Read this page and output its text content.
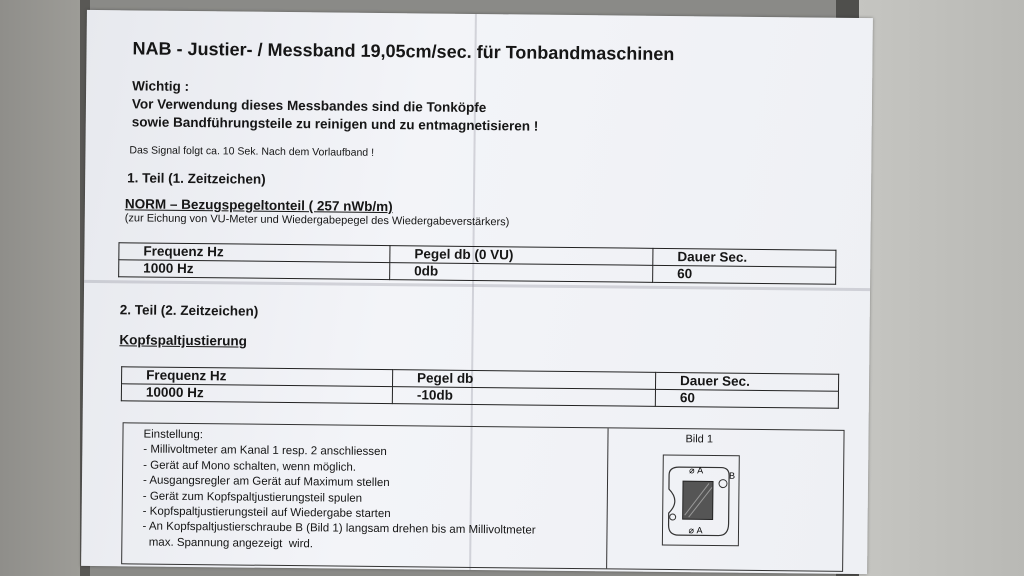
NAB - Justier- / Messband 19,05cm/sec. für Tonbandmaschinen
Wichtig :
Vor Verwendung dieses Messbandes sind die Tonköpfe
sowie Bandführungsteile zu reinigen und zu entmagnetisieren !
Das Signal folgt ca. 10 Sek. Nach dem Vorlaufband !
1. Teil (1. Zeitzeichen)
NORM – Bezugspegeltonteil ( 257 nWb/m)
(zur Eichung von VU-Meter und Wiedergabepegel des Wiedergabeverstärkers)
Frequenz Hz	Pegel db (0 VU)	Dauer Sec.
1000 Hz	0db	60
2. Teil (2. Zeitzeichen)
Kopfspaltjustierung
Frequenz Hz	Pegel db	Dauer Sec.
10000 Hz	-10db	60
Einstellung:
- Millivoltmeter am Kanal 1 resp. 2 anschliessen
- Gerät auf Mono schalten, wenn möglich.
- Ausgangsregler am Gerät auf Maximum stellen
- Gerät zum Kopfspaltjustierungsteil spulen
- Kopfspaltjustierungsteil auf Wiedergabe starten
- An Kopfspaltjustierschraube B (Bild 1) langsam drehen bis am Millivoltmeter
max. Spannung angezeigt  wird.
Bild 1
⌀ A
B
⌀ A
